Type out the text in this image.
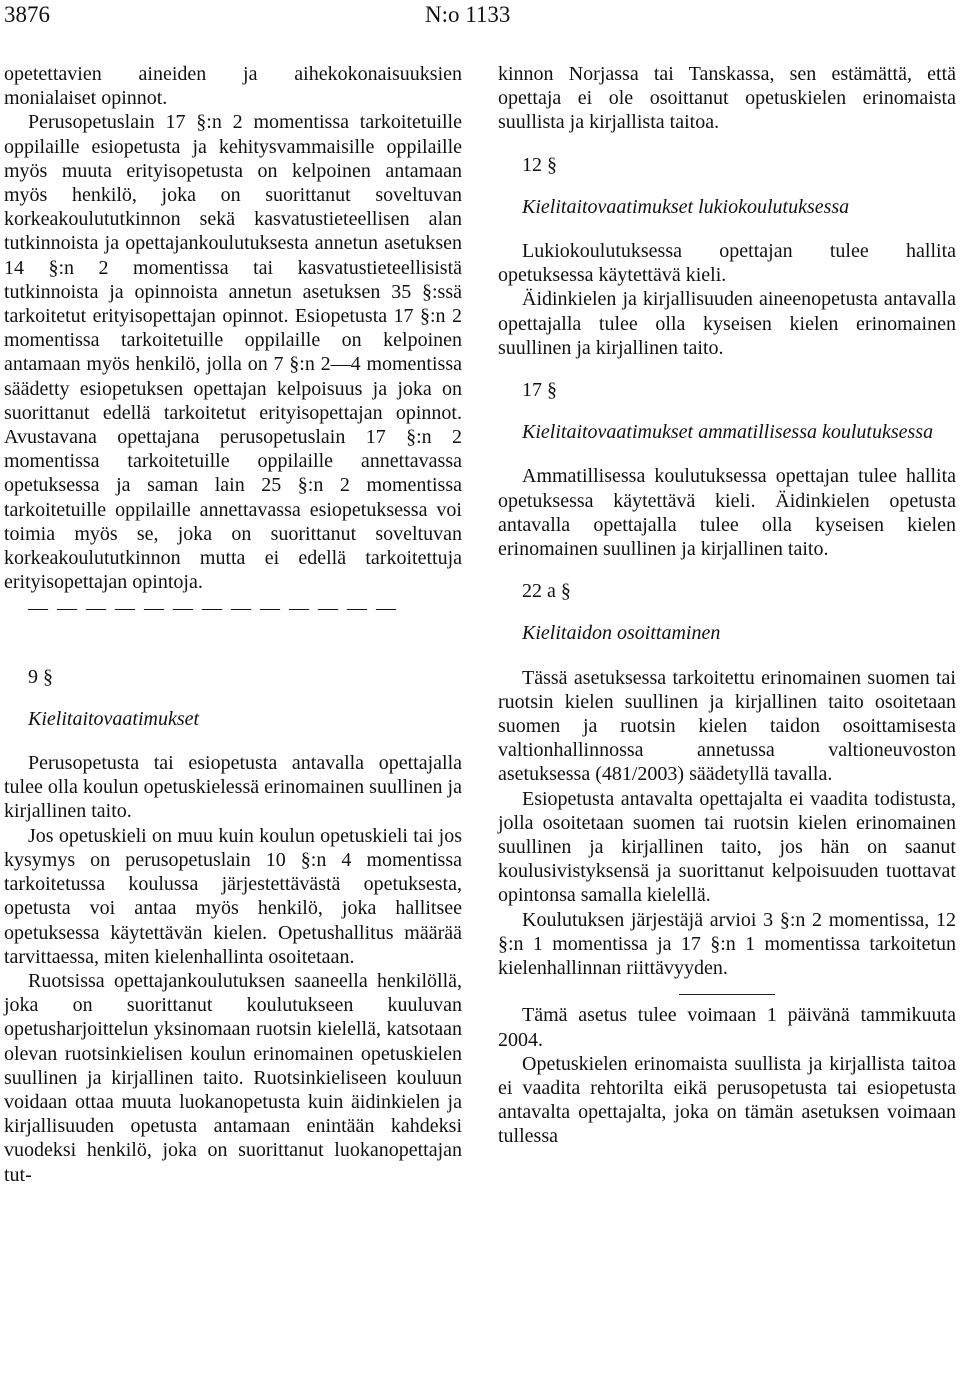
3876	N:o 1133

opetettavien aineiden ja aihekokonaisuuksien monialaiset opinnot.

Perusopetuslain 17 §:n 2 momentissa tarkoitetuille oppilaille esiopetusta ja kehitysvammaisille oppilaille myös muuta erityisopetusta on kelpoinen antamaan myös henkilö, joka on suorittanut soveltuvan korkeakoulututkinnon sekä kasvatustieteellisen alan tutkinnoista ja opettajankoulutuksesta annetun asetuksen 14 §:n 2 momentissa tai kasvatustieteellisistä tutkinnoista ja opinnoista annetun asetuksen 35 §:ssä tarkoitetut erityisopettajan opinnot. Esiopetusta 17 §:n 2 momentissa tarkoitetuille oppilaille on kelpoinen antamaan myös henkilö, jolla on 7 §:n 2—4 momentissa säädetty esiopetuksen opettajan kelpoisuus ja joka on suorittanut edellä tarkoitetut erityisopettajan opinnot. Avustavana opettajana perusopetuslain 17 §:n 2 momentissa tarkoitetuille oppilaille annettavassa opetuksessa ja saman lain 25 §:n 2 momentissa tarkoitetuille oppilaille annettavassa esiopetuksessa voi toimia myös se, joka on suorittanut soveltuvan korkeakoulututkinnon mutta ei edellä tarkoitettuja erityisopettajan opintoja.

— — — — — — — — — — — — —

9 §

Kielitaitovaatimukset

Perusopetusta tai esiopetusta antavalla opettajalla tulee olla koulun opetuskielessä erinomainen suullinen ja kirjallinen taito.

Jos opetuskieli on muu kuin koulun opetuskieli tai jos kysymys on perusopetuslain 10 §:n 4 momentissa tarkoitetussa koulussa järjestettävästä opetuksesta, opetusta voi antaa myös henkilö, joka hallitsee opetuksessa käytettävän kielen. Opetushallitus määrää tarvittaessa, miten kielenhallinta osoitetaan.

Ruotsissa opettajankoulutuksen saaneella henkilöllä, joka on suorittanut koulutukseen kuuluvan opetusharjoittelun yksinomaan ruotsin kielellä, katsotaan olevan ruotsinkielisen koulun erinomainen opetuskielen suullinen ja kirjallinen taito. Ruotsinkieliseen kouluun voidaan ottaa muuta luokanopetusta kuin äidinkielen ja kirjallisuuden opetusta antamaan enintään kahdeksi vuodeksi henkilö, joka on suorittanut luokanopettajan tut-

kinnon Norjassa tai Tanskassa, sen estämättä, että opettaja ei ole osoittanut opetuskielen erinomaista suullista ja kirjallista taitoa.

12 §

Kielitaitovaatimukset lukiokoulutuksessa

Lukiokoulutuksessa opettajan tulee hallita opetuksessa käytettävä kieli.

Äidinkielen ja kirjallisuuden aineenopetusta antavalla opettajalla tulee olla kyseisen kielen erinomainen suullinen ja kirjallinen taito.

17 §

Kielitaitovaatimukset ammatillisessa koulutuksessa

Ammatillisessa koulutuksessa opettajan tulee hallita opetuksessa käytettävä kieli. Äidinkielen opetusta antavalla opettajalla tulee olla kyseisen kielen erinomainen suullinen ja kirjallinen taito.

22 a §

Kielitaidon osoittaminen

Tässä asetuksessa tarkoitettu erinomainen suomen tai ruotsin kielen suullinen ja kirjallinen taito osoitetaan suomen ja ruotsin kielen taidon osoittamisesta valtionhallinnossa annetussa valtioneuvoston asetuksessa (481/2003) säädetyllä tavalla.

Esiopetusta antavalta opettajalta ei vaadita todistusta, jolla osoitetaan suomen tai ruotsin kielen erinomainen suullinen ja kirjallinen taito, jos hän on saanut koulusivistyksensä ja suorittanut kelpoisuuden tuottavat opintonsa samalla kielellä.

Koulutuksen järjestäjä arvioi 3 §:n 2 momentissa, 12 §:n 1 momentissa ja 17 §:n 1 momentissa tarkoitetun kielenhallinnan riittävyyden.

Tämä asetus tulee voimaan 1 päivänä tammikuuta 2004.

Opetuskielen erinomaista suullista ja kirjallista taitoa ei vaadita rehtorilta eikä perusopetusta tai esiopetusta antavalta opettajalta, joka on tämän asetuksen voimaan tullessa
